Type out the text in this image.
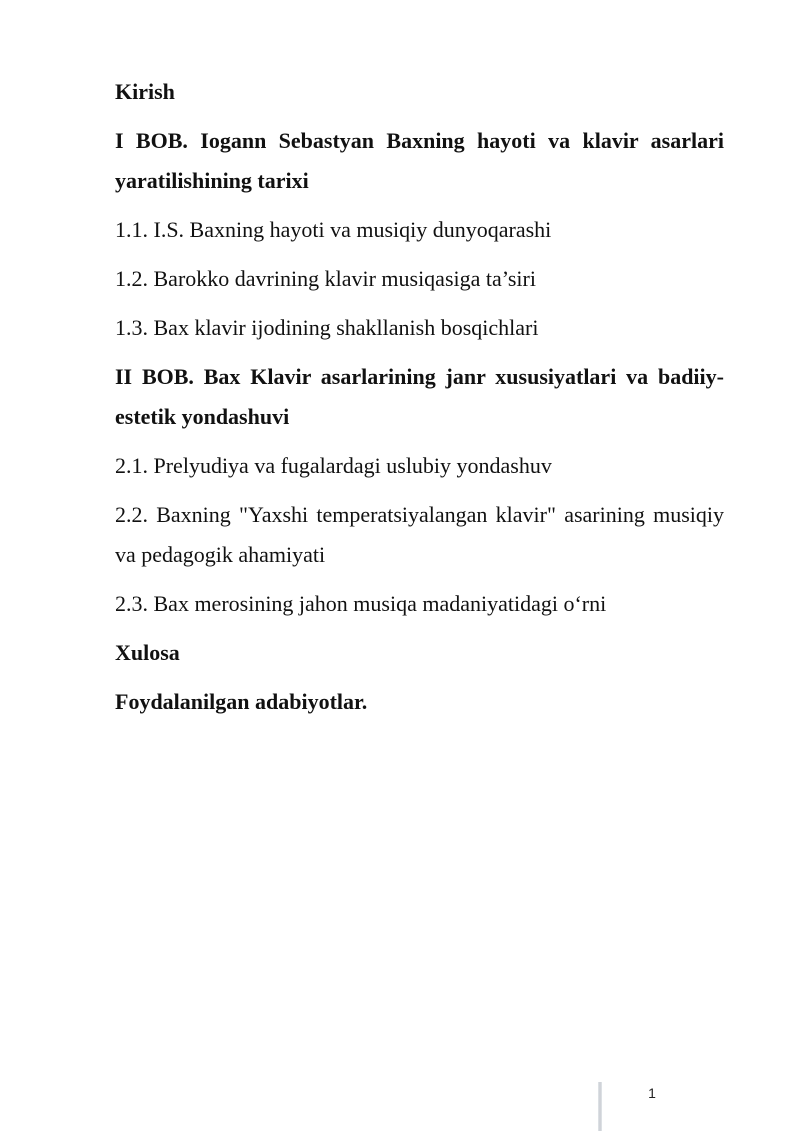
Kirish

I BOB. Iogann Sebastyan Baxning hayoti va klavir asarlari yaratilishining tarixi

1.1. I.S. Baxning hayoti va musiqiy dunyoqarashi

1.2. Barokko davrining klavir musiqasiga ta’siri

1.3. Bax klavir ijodining shakllanish bosqichlari

II BOB. Bax Klavir asarlarining janr xususiyatlari va badiiy-estetik yondashuvi

2.1. Prelyudiya va fugalardagi uslubiy yondashuv

2.2. Baxning "Yaxshi temperatsiyalangan klavir" asarining musiqiy va pedagogik ahamiyati

2.3. Bax merosining jahon musiqa madaniyatidagi o‘rni

Xulosa

Foydalanilgan adabiyotlar.

1
